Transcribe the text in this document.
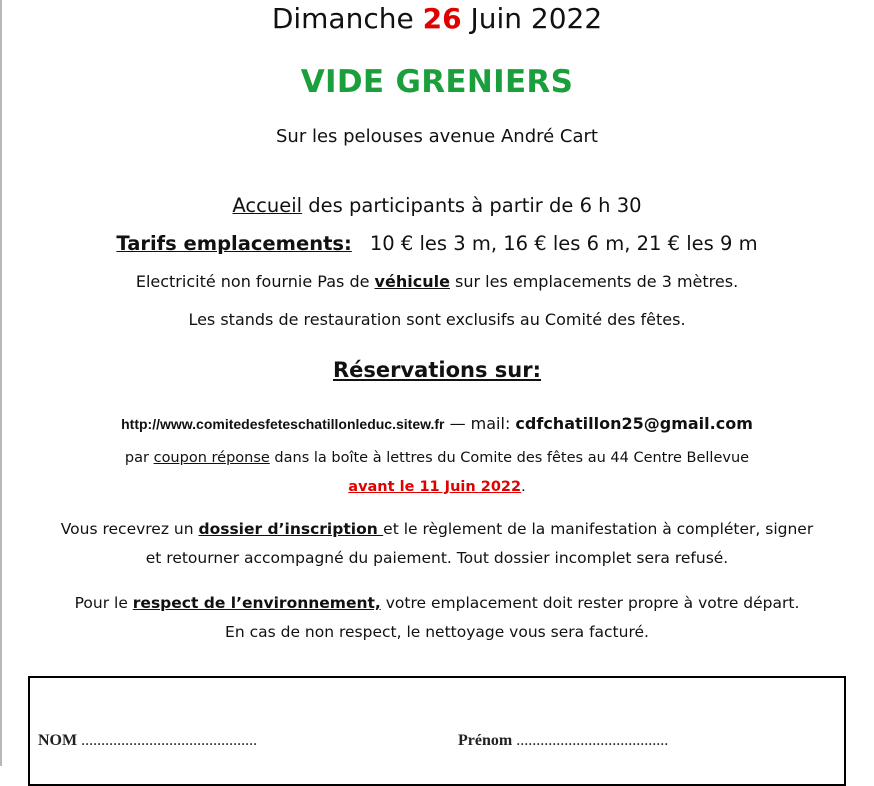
Dimanche 26 Juin 2022
VIDE GRENIERS
Sur les pelouses avenue André Cart
Accueil des participants à partir de 6 h 30
Tarifs emplacements: 10 € les 3 m, 16 € les 6 m, 21 € les 9 m
Electricité non fournie Pas de véhicule sur les emplacements de 3 mètres.
Les stands de restauration sont exclusifs au Comité des fêtes.
Réservations sur:
http://www.comitedesfeteschatillonleduc.sitew.fr — mail: cdfchatillon25@gmail.com
par coupon réponse dans la boîte à lettres du Comite des fêtes au 44 Centre Bellevue
avant le 11 Juin 2022.
Vous recevrez un dossier d’inscription et le règlement de la manifestation à compléter, signer
et retourner accompagné du paiement. Tout dossier incomplet sera refusé.
Pour le respect de l’environnement, votre emplacement doit rester propre à votre départ.
En cas de non respect, le nettoyage vous sera facturé.
NOM ............................................	Prénom ......................................
